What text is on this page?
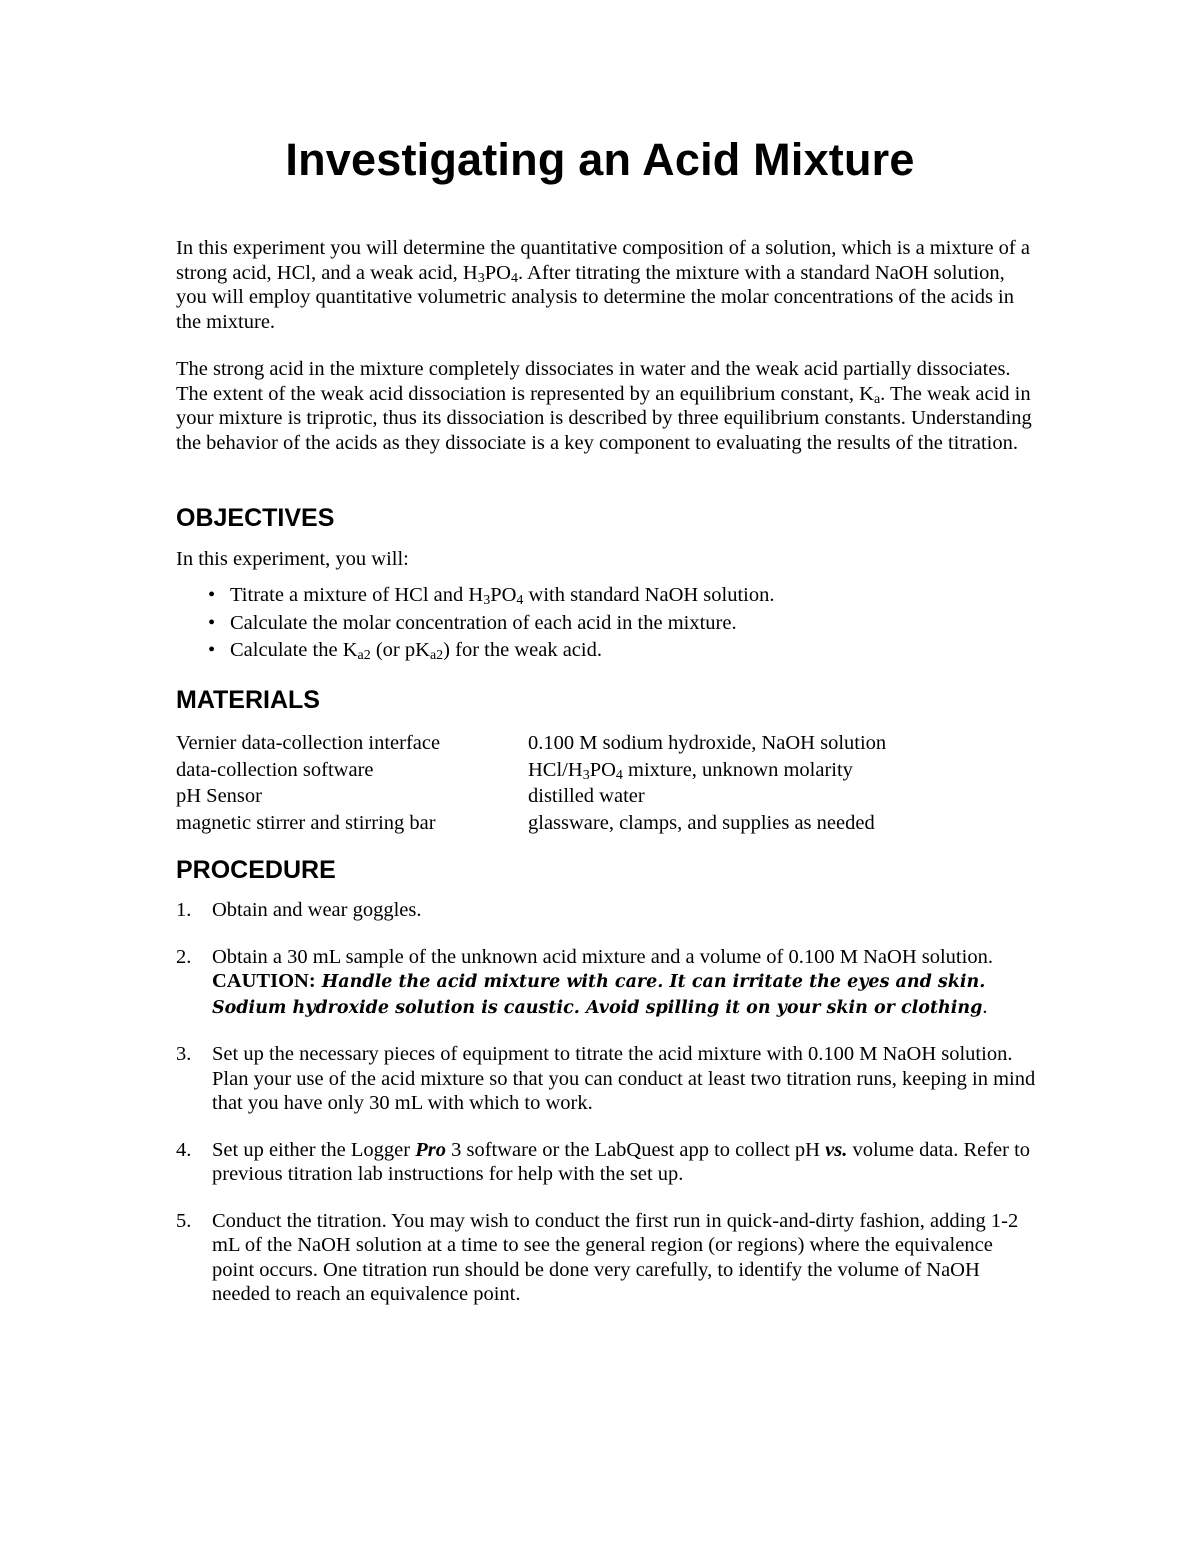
Investigating an Acid Mixture

In this experiment you will determine the quantitative composition of a solution, which is a mixture of a strong acid, HCl, and a weak acid, $H_3PO_4$. After titrating the mixture with a standard NaOH solution, you will employ quantitative volumetric analysis to determine the molar concentrations of the acids in the mixture.

The strong acid in the mixture completely dissociates in water and the weak acid partially dissociates. The extent of the weak acid dissociation is represented by an equilibrium constant, $K_a$. The weak acid in your mixture is triprotic, thus its dissociation is described by three equilibrium constants. Understanding the behavior of the acids as they dissociate is a key component to evaluating the results of the titration.

OBJECTIVES
In this experiment, you will:
• Titrate a mixture of HCl and $H_3PO_4$ with standard NaOH solution.
• Calculate the molar concentration of each acid in the mixture.
• Calculate the $K_{a2}$ (or $pK_{a2}$) for the weak acid.
MATERIALS
Vernier data-collection interface
data-collection software
pH Sensor
magnetic stirrer and stirring bar
0.100 M sodium hydroxide, NaOH solution
HCl/$H_3PO_4$ mixture, unknown molarity
distilled water
glassware, clamps, and supplies as needed
PROCEDURE
1. Obtain and wear goggles.
2. Obtain a 30 mL sample of the unknown acid mixture and a volume of 0.100 M NaOH solution. CAUTION: Handle the acid mixture with care. It can irritate the eyes and skin. Sodium hydroxide solution is caustic. Avoid spilling it on your skin or clothing.
3. Set up the necessary pieces of equipment to titrate the acid mixture with 0.100 M NaOH solution. Plan your use of the acid mixture so that you can conduct at least two titration runs, keeping in mind that you have only 30 mL with which to work.
4. Set up either the Logger Pro 3 software or the LabQuest app to collect pH vs. volume data. Refer to previous titration lab instructions for help with the set up.
5. Conduct the titration. You may wish to conduct the first run in quick-and-dirty fashion, adding 1-2 mL of the NaOH solution at a time to see the general region (or regions) where the equivalence point occurs. One titration run should be done very carefully, to identify the volume of NaOH needed to reach an equivalence point.
